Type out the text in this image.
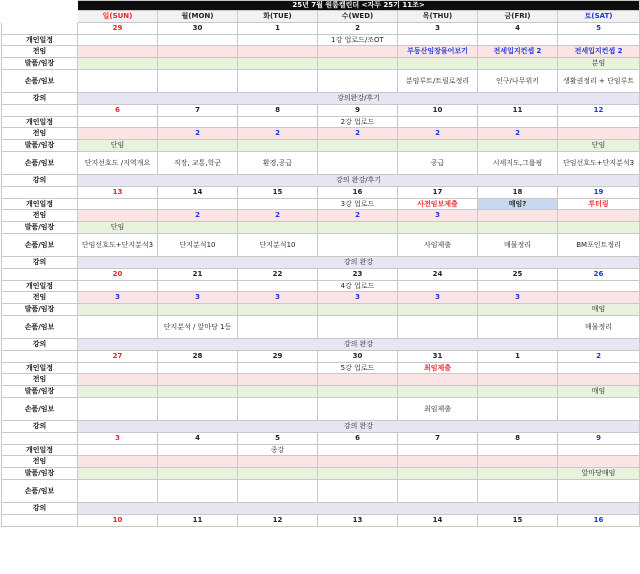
	25년 7월 원룸캘린더 <자두 25기 11조>						
	일(SUN)	월(MON)	화(TUE)	수(WED)	목(THU)	금(FRI)	토(SAT)
	29	30	1	2	3	4	5
개인일정				1강 업로드/조OT			
전임					부동산임장물어보기	전세입지컨셉 2	전세입지컨셉 2
발품/임장							분임
손품/임보					분임루트/트릴로정리	인구/나무위키	생활권정리 + 단임루트
강의	강의완강/후기						
	6	7	8	9	10	11	12
개인일정				2강 업로드			
전임		2	2	2	2	2	
발품/임장	단임						단임
손품/임보	단지선호도 /지역개요	직장, 교통,학군	환경,공급		공급	시세지도,그룹핑	단임선호도+단지분석3
강의	강의 완강/후기						
	13	14	15	16	17	18	19
개인일정				3강 업로드	사전임보제출	매임?	투터링
전임		2	2	2	3		
발품/임장	단임						
손품/임보	단임선호도+단지분석3	단지분석10	단지분석10		사임제출	매물정리	BM포인트정리
강의	강의 완강						
	20	21	22	23	24	25	26
개인일정				4강 업로드			
전임	3	3	3	3	3	3	
발품/임장							매임
손품/임보		단지분석 / 앞마당 1등					매물정리
강의	강의 완강						
	27	28	29	30	31	1	2
개인일정				5강 업로드	최임제출		
전임							
발품/임장							매임
손품/임보					최임제출		
강의	강의 완강						
	3	4	5	6	7	8	9
개인일정			종강				
전임							
발품/임장							앞마당매임
손품/임보							
강의							
	10	11	12	13	14	15	16
